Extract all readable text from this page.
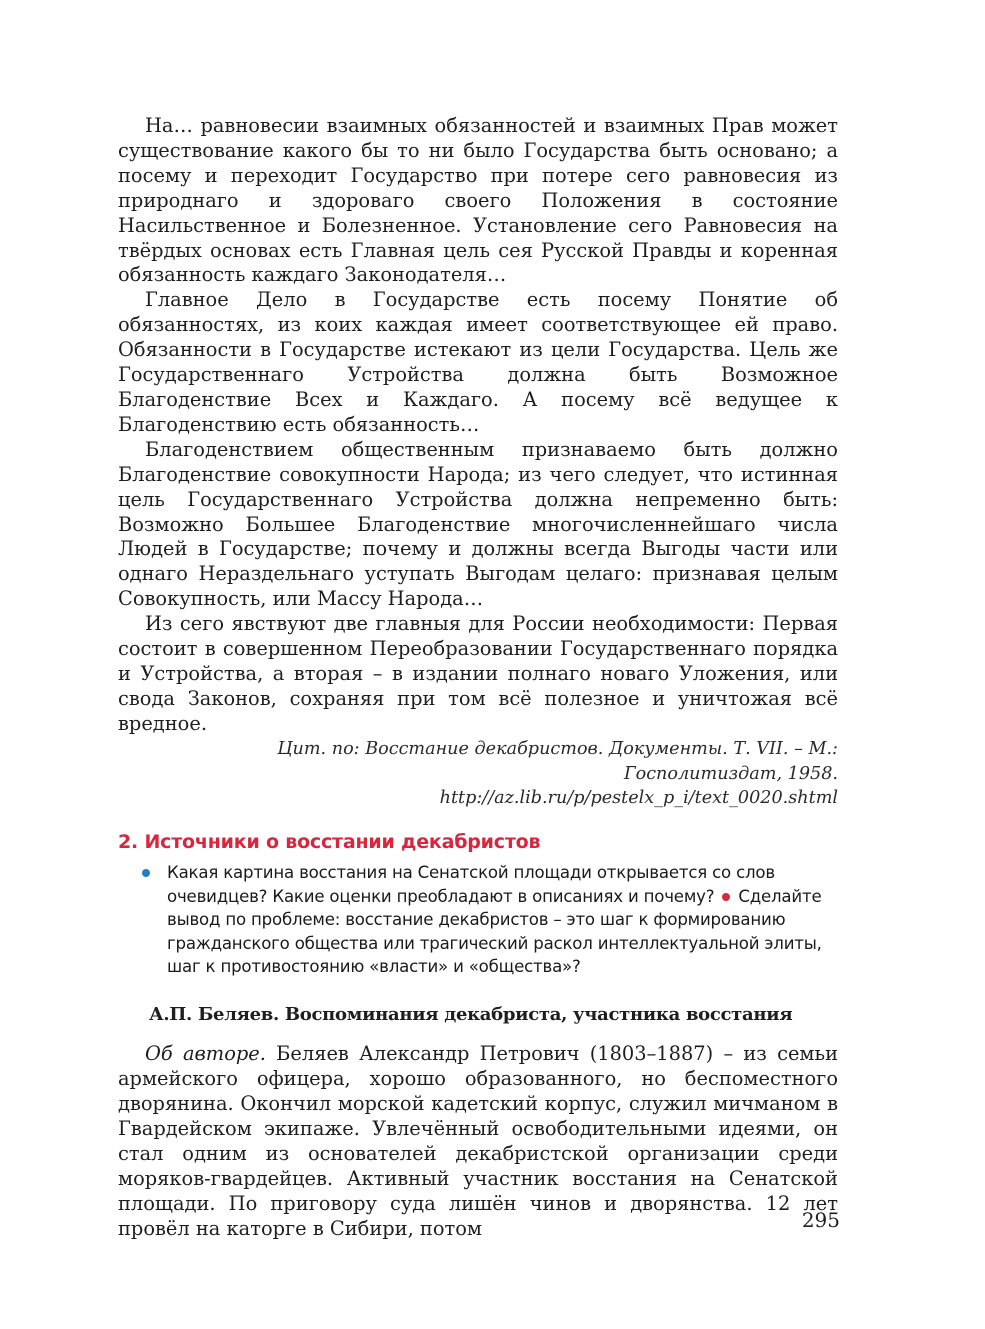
На… равновесии взаимных обязанностей и взаимных Прав может существование какого бы то ни было Государства быть основано; а посему и переходит Государство при потере сего равновесия из природнаго и здороваго своего Положения в состояние Насильственное и Болезненное. Установление сего Равновесия на твёрдых основах есть Главная цель сея Русской Правды и коренная обязанность каждаго Законодателя…

Главное Дело в Государстве есть посему Понятие об обязанностях, из коих каждая имеет соответствующее ей право. Обязанности в Государстве истекают из цели Государства. Цель же Государственнаго Устройства должна быть Возможное Благоденствие Всех и Каждаго. А посему всё ведущее к Благоденствию есть обязанность…

Благоденствием общественным признаваемо быть должно Благоденствие совокупности Народа; из чего следует, что истинная цель Государственнаго Устройства должна непременно быть: Возможно Большее Благоденствие многочисленнейшаго числа Людей в Государстве; почему и должны всегда Выгоды части или однаго Нераздельнаго уступать Выгодам целаго: признавая целым Совокупность, или Массу Народа…

Из сего явствуют две главныя для России необходимости: Первая состоит в совершенном Переобразовании Государственнаго порядка и Устройства, а вторая – в издании полнаго новаго Уложения, или свода Законов, сохраняя при том всё полезное и уничтожая всё вредное.

Цит. по: Восстание декабристов. Документы. Т. VII. – М.:

Госполитиздат, 1958.

http://az.lib.ru/p/pestelx_p_i/text_0020.shtml

2. Источники о восстании декабристов
Какая картина восстания на Сенатской площади открывается со слов очевидцев? Какие оценки преобладают в описаниях и почему? Сделайте вывод по проблеме: восстание декабристов – это шаг к формированию гражданского общества или трагический раскол интеллектуальной элиты, шаг к противостоянию «власти» и «общества»?
А.П. Беляев. Воспоминания декабриста, участника восстания

Об авторе. Беляев Александр Петрович (1803–1887) – из семьи армейского офицера, хорошо образованного, но беспоместного дворянина. Окончил морской кадетский корпус, служил мичманом в Гвардейском экипаже. Увлечённый освободительными идеями, он стал одним из основателей декабристской организации среди моряков-гвардейцев. Активный участник восстания на Сенатской площади. По приговору суда лишён чинов и дворянства. 12 лет провёл на каторге в Сибири, потом	295
